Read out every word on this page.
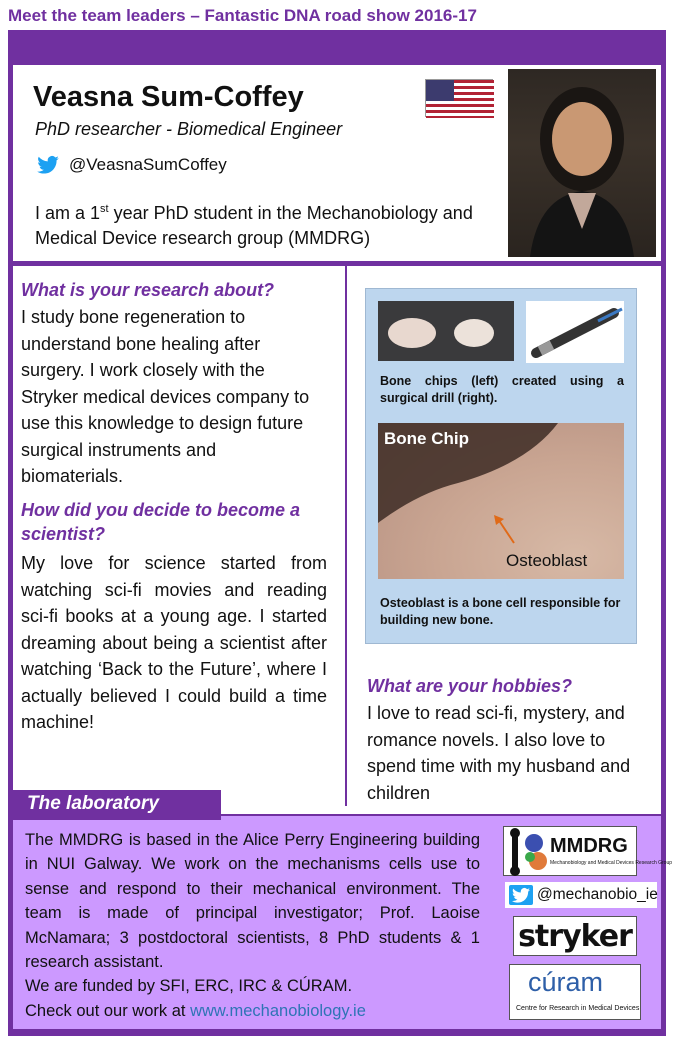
Meet the team leaders – Fantastic DNA road show 2016-17
Veasna Sum-Coffey
PhD researcher - Biomedical Engineer
@VeasnaSumCoffey
I am a 1st year PhD student in the Mechanobiology and Medical Device research group (MMDRG)
What is your research about?
I study bone regeneration to understand bone healing after surgery. I work closely with the Stryker medical devices company to use this knowledge to design future surgical instruments and biomaterials.
How did you decide to become a scientist?
My love for science started from watching sci-fi movies and reading sci-fi books at a young age. I started dreaming about being a scientist after watching ‘Back to the Future’, where I actually believed I could build a time machine!
Bone chips (left) created using a surgical drill (right).
Bone Chip
Osteoblast
Osteoblast is a bone cell responsible for building new bone.
What are your hobbies?
I love to read sci-fi, mystery, and romance novels. I also love to spend time with my husband and children
The MMDRG is based in the Alice Perry Engineering building in NUI Galway. We work on the mechanisms cells use to sense and respond to their mechanical environment. The team is made of principal investigator; Prof. Laoise McNamara; 3 postdoctoral scientists, 8 PhD students & 1 research assistant.
We are funded by SFI, ERC, IRC & CÚRAM.
Check out our work at www.mechanobiology.ie
MMDRG
Mechanobiology and Medical Devices Research Group
@mechanobio_ie
stryker
cúram
Centre for Research in Medical Devices
The laboratory
